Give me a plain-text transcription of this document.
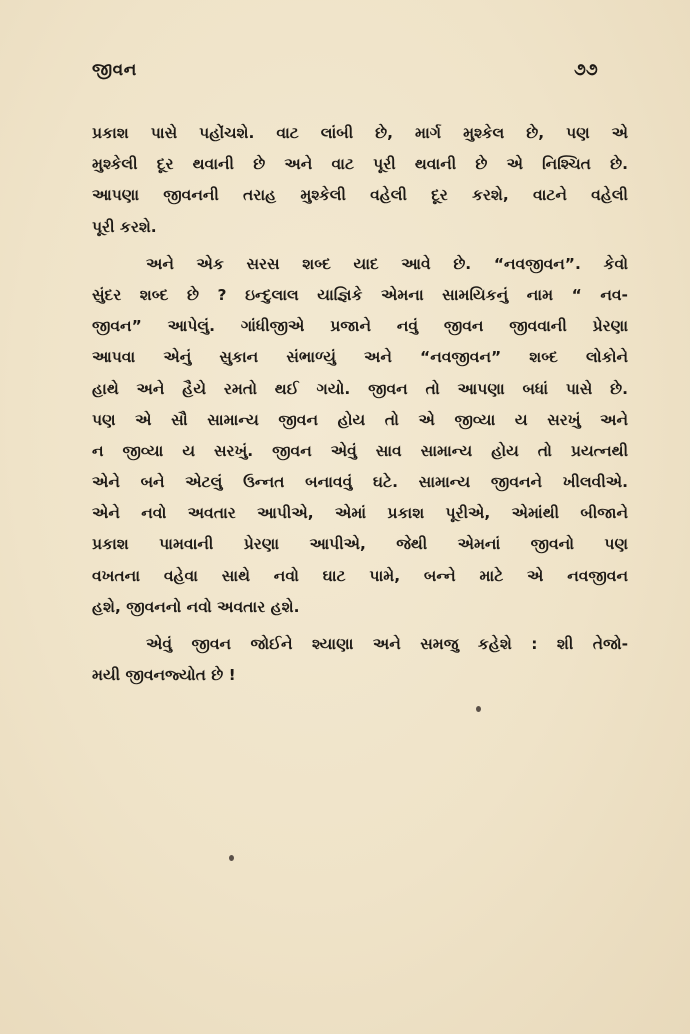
જીવન	૭૭
પ્રકાશ પાસે પહોંચશે. વાટ લાંબી છે, માર્ગ મુશ્કેલ છે, પણ એ
મુશ્કેલી દૂર થવાની છે અને વાટ પૂરી થવાની છે એ નિશ્ચિત છે.
આપણા જીવનની તરાહ મુશ્કેલી વહેલી દૂર કરશે, વાટને વહેલી
પૂરી કરશે.
અને એક સરસ શબ્દ યાદ આવે છે. “નવજીવન”. કેવો
સુંદર શબ્દ છે ? ઇન્દુલાલ યાજ્ઞિકે એમના સામયિકનું નામ “ નવ-
જીવન” આપેલું. ગાંધીજીએ પ્રજાને નવું જીવન જીવવાની પ્રેરણા
આપવા એનું સુકાન સંભાળ્યું અને “નવજીવન” શબ્દ લોકોને
હાથે અને હૈયે રમતો થઈ ગયો. જીવન તો આપણા બધાં પાસે છે.
પણ એ સૌ સામાન્ય જીવન હોય તો એ જીવ્યા ય સરખું અને
ન જીવ્યા ય સરખું. જીવન એવું સાવ સામાન્ય હોય તો પ્રયત્નથી
એને બને એટલું ઉન્નત બનાવવું ઘટે. સામાન્ય જીવનને ખીલવીએ.
એને નવો અવતાર આપીએ, એમાં પ્રકાશ પૂરીએ, એમાંથી બીજાને
પ્રકાશ પામવાની પ્રેરણા આપીએ, જેથી એમનાં જીવનો પણ
વખતના વહેવા સાથે નવો ઘાટ પામે, બન્ને માટે એ નવજીવન
હશે, જીવનનો નવો અવતાર હશે.
એવું જીવન જોઈને શ્યાણા અને સમજુ કહેશે : શી તેજો-
મયી જીવનજ્યોત છે !
